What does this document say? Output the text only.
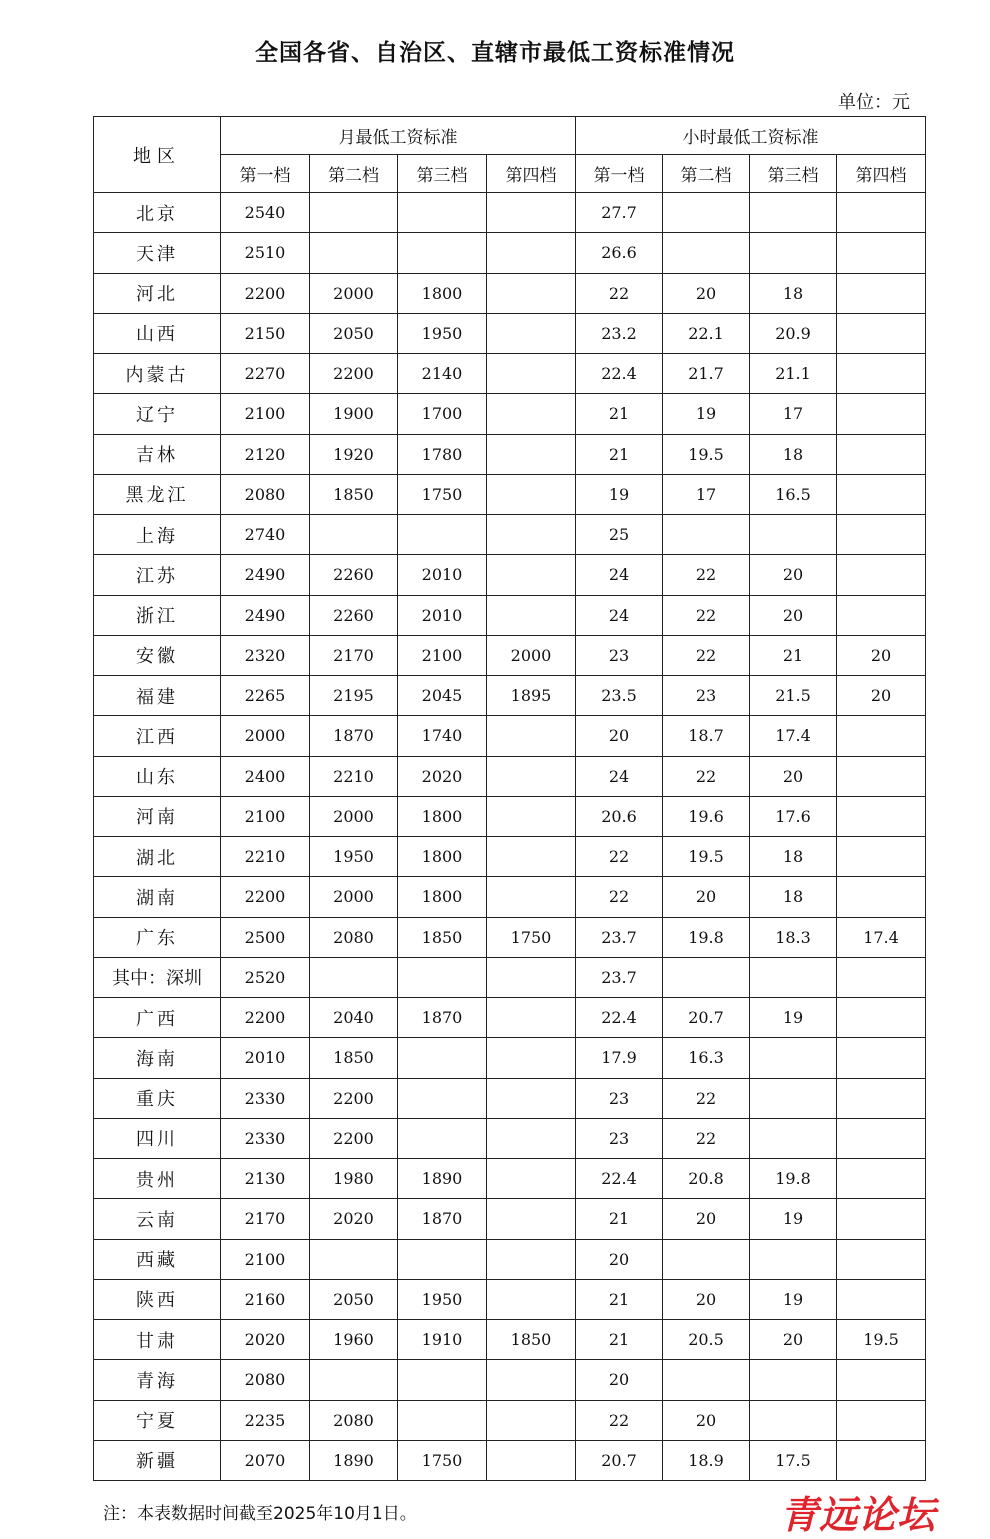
全国各省、自治区、直辖市最低工资标准情况
单位：元
地区	月最低工资标准				小时最低工资标准			
	第一档	第二档	第三档	第四档	第一档	第二档	第三档	第四档
北京	2540				27.7			
天津	2510				26.6			
河北	2200	2000	1800		22	20	18	
山西	2150	2050	1950		23.2	22.1	20.9	
内蒙古	2270	2200	2140		22.4	21.7	21.1	
辽宁	2100	1900	1700		21	19	17	
吉林	2120	1920	1780		21	19.5	18	
黑龙江	2080	1850	1750		19	17	16.5	
上海	2740				25			
江苏	2490	2260	2010		24	22	20	
浙江	2490	2260	2010		24	22	20	
安徽	2320	2170	2100	2000	23	22	21	20
福建	2265	2195	2045	1895	23.5	23	21.5	20
江西	2000	1870	1740		20	18.7	17.4	
山东	2400	2210	2020		24	22	20	
河南	2100	2000	1800		20.6	19.6	17.6	
湖北	2210	1950	1800		22	19.5	18	
湖南	2200	2000	1800		22	20	18	
广东	2500	2080	1850	1750	23.7	19.8	18.3	17.4
其中：深圳	2520				23.7			
广西	2200	2040	1870		22.4	20.7	19	
海南	2010	1850			17.9	16.3		
重庆	2330	2200			23	22		
四川	2330	2200			23	22		
贵州	2130	1980	1890		22.4	20.8	19.8	
云南	2170	2020	1870		21	20	19	
西藏	2100				20			
陕西	2160	2050	1950		21	20	19	
甘肃	2020	1960	1910	1850	21	20.5	20	19.5
青海	2080				20			
宁夏	2235	2080			22	20		
新疆	2070	1890	1750		20.7	18.9	17.5	
注：本表数据时间截至2025年10月1日。	青远论坛
